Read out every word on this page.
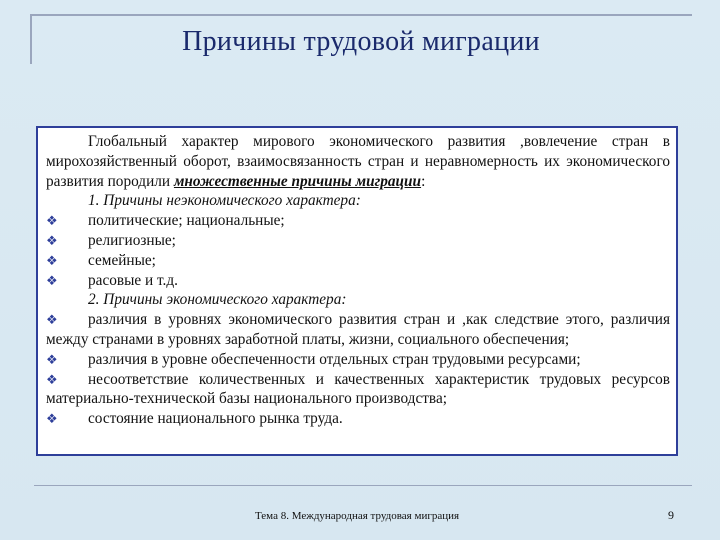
Причины трудовой миграции

Глобальный характер мирового экономического развития ,вовлечение стран в мирохозяйственный оборот, взаимосвязанность стран и неравномерность их экономического развития породили множественные причины миграции:

1. Причины неэкономического характера:

❖ политические; национальные;

❖ религиозные;

❖ семейные;

❖ расовые и т.д.

2. Причины экономического характера:

❖ различия в уровнях экономического развития стран и ,как следствие этого, различия между странами в уровнях заработной платы, жизни, социального обеспечения;

❖ различия в уровне обеспеченности отдельных стран трудовыми ресурсами;

❖ несоответствие количественных и качественных характеристик трудовых ресурсов материально-технической базы национального производства;

❖ состояние национального рынка труда.

Тема 8. Международная трудовая миграция	9
